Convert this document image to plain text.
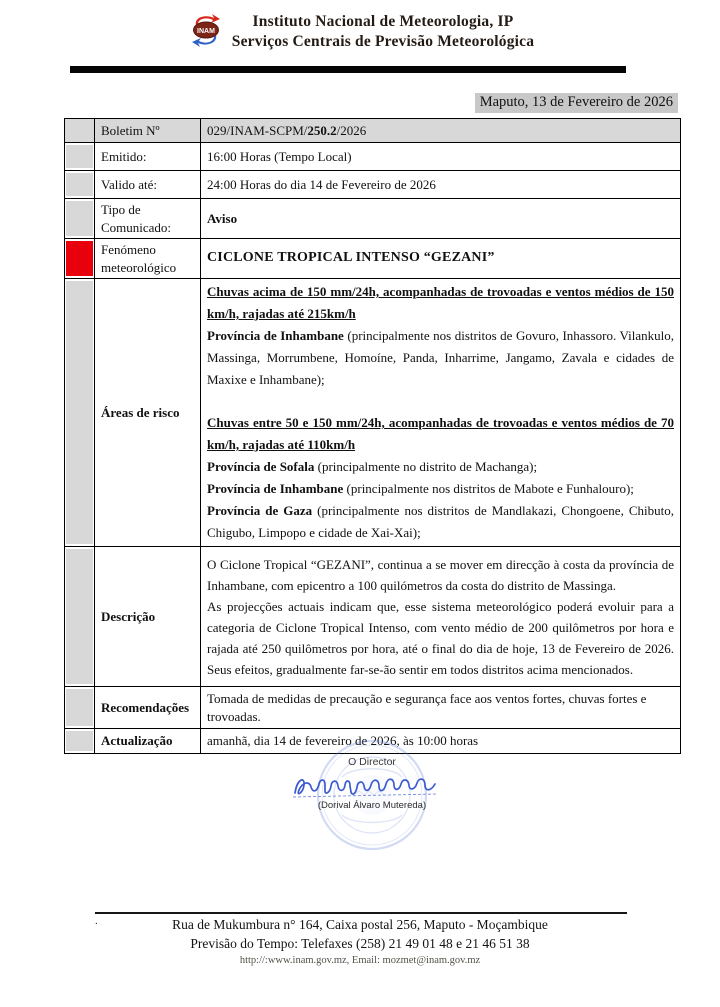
INAM
Instituto Nacional de Meteorologia, IP
Serviços Centrais de Previsão Meteorológica
Maputo, 13 de Fevereiro de 2026
	Boletim Nº	029/INAM-SCPM/250.2/2026

	Emitido:	16:00 Horas (Tempo Local)

	Valido até:	24:00 Horas do dia 14 de Fevereiro de 2026

	Tipo de Comunicado:	Aviso

	Fenómeno meteorológico	CICLONE TROPICAL INTENSO “GEZANI”

	Áreas de risco	

Chuvas acima de 150 mm/24h, acompanhadas de trovoadas e ventos médios de 150 km/h, rajadas até 215km/h

Província de Inhambane (principalmente nos distritos de Govuro, Inhassoro. Vilankulo, Massinga, Morrumbene, Homoíne, Panda, Inharrime, Jangamo, Zavala e cidades de Maxixe e Inhambane);

Chuvas entre 50 e 150 mm/24h, acompanhadas de trovoadas e ventos médios de 70 km/h, rajadas até 110km/h

Província de Sofala (principalmente no distrito de Machanga);

Província de Inhambane (principalmente nos distritos de Mabote e Funhalouro);

Província de Gaza (principalmente nos distritos de Mandlakazi, Chongoene, Chibuto, Chigubo, Limpopo e cidade de Xai-Xai);

	Descrição	O Ciclone Tropical “GEZANI”, continua a se mover em direcção à costa da província de Inhambane, com epicentro a 100 quilómetros da costa do distrito de Massinga.

As projecções actuais indicam que, esse sistema meteorológico poderá evoluir para a categoria de Ciclone Tropical Intenso, com vento médio de 200 quilômetros por hora e rajada até 250 quilômetros por hora, até o final do dia de hoje, 13 de Fevereiro de 2026. Seus efeitos, gradualmente far-se-ão sentir em todos distritos acima mencionados.

	Recomendações	Tomada de medidas de precaução e segurança face aos ventos fortes, chuvas fortes e trovoadas.

	Actualização	amanhã, dia 14 de fevereiro de 2026, às 10:00 horas
O Director
(Dorival Álvaro Mutereda)
.	Rua de Mukumbura n° 164, Caixa postal 256, Maputo - Moçambique
Previsão do Tempo: Telefaxes (258) 21 49 01 48 e 21 46 51 38
http://:www.inam.gov.mz, Email: mozmet@inam.gov.mz
